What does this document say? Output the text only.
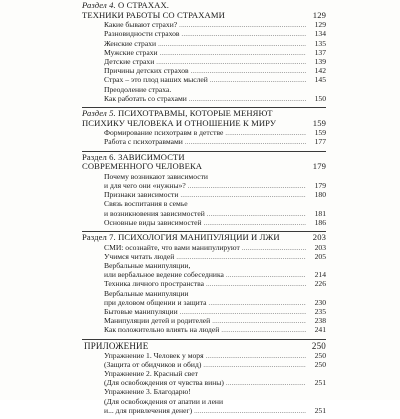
Раздел 4. О СТРАХАХ.
ТЕХНИКИ РАБОТЫ СО СТРАХАМИ	129
Какие бывают страхи? .....	129
Разновидности страхов .....	134
Женские страхи .....	135
Мужские страхи .....	137
Детские страхи .....	139
Причины детских страхов .....	142
Страх – это плод наших мыслей .....	145
Преодоление страха.
Как работать со страхами .....	150
Раздел 5. ПСИХОТРАВМЫ, КОТОРЫЕ МЕНЯЮТ
ПСИХИКУ ЧЕЛОВЕКА И ОТНОШЕНИЕ К МИРУ	159
Формирование психотравм в детстве .....	159
Работа с психотравмами .....	177
Раздел 6. ЗАВИСИМОСТИ
СОВРЕМЕННОГО ЧЕЛОВЕКА	179
Почему возникают зависимости
и для чего они «нужны»? .....	179
Признаки зависимости .....	180
Связь воспитания в семье
и возникновения зависимостей .....	181
Основные виды зависимостей .....	186
Раздел 7. ПСИХОЛОГИЯ МАНИПУЛЯЦИИ И ЛЖИ	203
СМИ: осознайте, что вами манипулируют .....	203
Учимся читать людей .....	205
Вербальные манипуляции,
или вербальное ведение собеседника .....	214
Техника личного пространства .....	226
Вербальные манипуляции
при деловом общении и защита .....	230
Бытовые манипуляции .....	235
Манипуляции детей и родителей .....	238
Как положительно влиять на людей .....	241
ПРИЛОЖЕНИЕ	250
Упражнение 1. Человек у моря .....	250
(Защита от обидчиков и обид) .....	250
Упражнение 2. Красный свет
(Для освобождения от чувства вины) .....	251
Упражнение 3. Благодарю!
(Для освобождения от апатии и лени
и... для привлечения денег) .....	251
